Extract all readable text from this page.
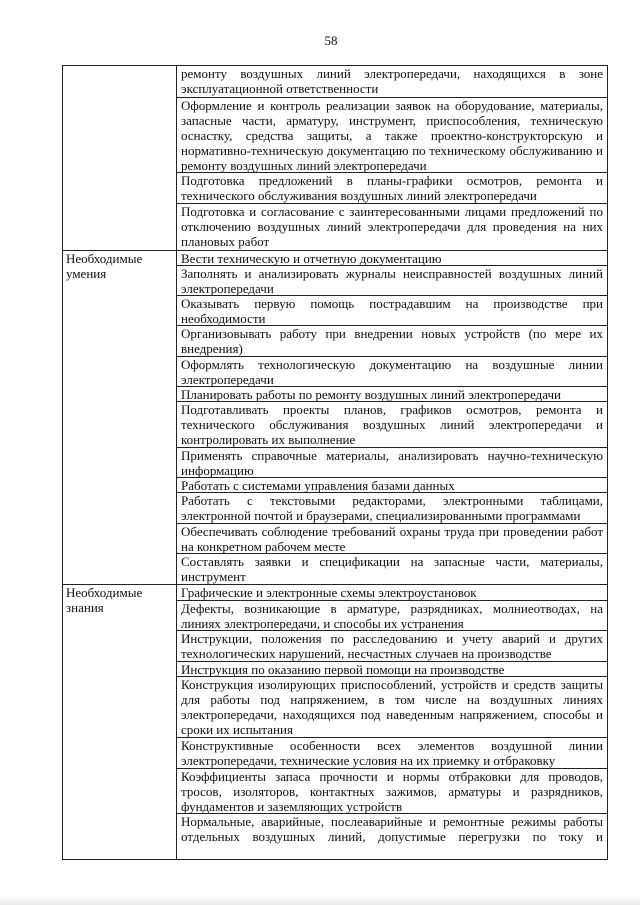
58

	ремонту воздушных линий электропередачи, находящихся в зоне эксплуатационной ответственности

	Оформление и контроль реализации заявок на оборудование, материалы, запасные части, арматуру, инструмент, приспособления, техническую оснастку, средства защиты, а также проектно-конструкторскую и нормативно-техническую документацию по техническому обслуживанию и ремонту воздушных линий электропередачи

	Подготовка предложений в планы-графики осмотров, ремонта и технического обслуживания воздушных линий электропередачи

	Подготовка и согласование с заинтересованными лицами предложений по отключению воздушных линий электропередачи для проведения на них плановых работ

Необходимые умения	Вести техническую и отчетную документацию

	Заполнять и анализировать журналы неисправностей воздушных линий электропередачи

	Оказывать первую помощь пострадавшим на производстве при необходимости

	Организовывать работу при внедрении новых устройств (по мере их внедрения)

	Оформлять технологическую документацию на воздушные линии электропередачи

	Планировать работы по ремонту воздушных линий электропередачи

	Подготавливать проекты планов, графиков осмотров, ремонта и технического обслуживания воздушных линий электропередачи и контролировать их выполнение

	Применять справочные материалы, анализировать научно-техническую информацию

	Работать с системами управления базами данных

	Работать с текстовыми редакторами, электронными таблицами, электронной почтой и браузерами, специализированными программами

	Обеспечивать соблюдение требований охраны труда при проведении работ на конкретном рабочем месте

	Составлять заявки и спецификации на запасные части, материалы, инструмент

Необходимые знания	Графические и электронные схемы электроустановок

	Дефекты, возникающие в арматуре, разрядниках, молниеотводах, на линиях электропередачи, и способы их устранения

	Инструкции, положения по расследованию и учету аварий и других технологических нарушений, несчастных случаев на производстве

	Инструкция по оказанию первой помощи на производстве

	Конструкция изолирующих приспособлений, устройств и средств защиты для работы под напряжением, в том числе на воздушных линиях электропередачи, находящихся под наведенным напряжением, способы и сроки их испытания

	Конструктивные особенности всех элементов воздушной линии электропередачи, технические условия на их приемку и отбраковку

	Коэффициенты запаса прочности и нормы отбраковки для проводов, тросов, изоляторов, контактных зажимов, арматуры и разрядников, фундаментов и заземляющих устройств

	Нормальные, аварийные, послеаварийные и ремонтные режимы работы отдельных воздушных линий, допустимые перегрузки по току и
